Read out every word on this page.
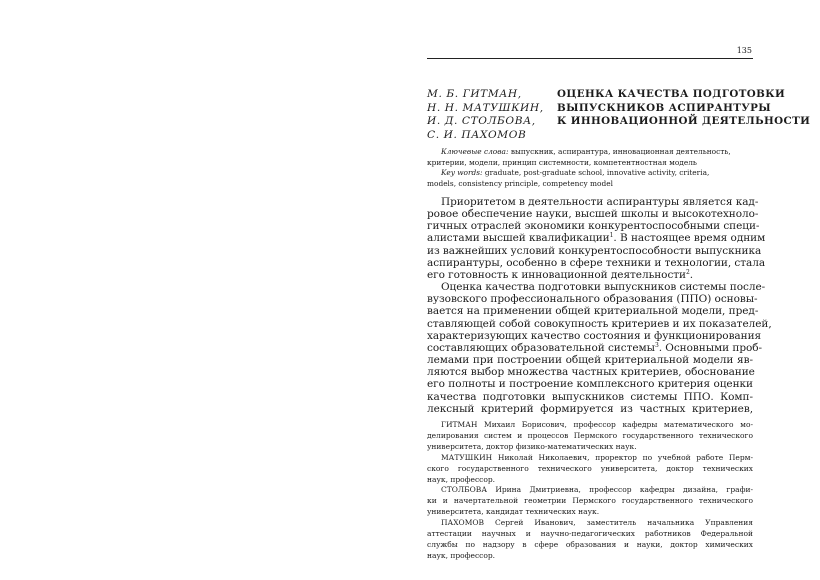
135
М. Б. ГИТМАН,
Н. Н. МАТУШКИН,
И. Д. СТОЛБОВА,
С. И. ПАХОМОВ
ОЦЕНКА КАЧЕСТВА ПОДГОТОВКИ
ВЫПУСКНИКОВ АСПИРАНТУРЫ
К ИННОВАЦИОННОЙ ДЕЯТЕЛЬНОСТИ
Ключевые слова: выпускник, аспирантура, инновационная деятельность,
критерии, модели, принцип системности, компетентностная модель
Key words: graduate, post-graduate school, innovative activity, criteria,
models, consistency principle, competency model
Приоритетом в деятельности аспирантуры является кад-
ровое обеспечение науки, высшей школы и высокотехноло-
гичных отраслей экономики конкурентоспособными специ-
алистами высшей квалификации$^1$. В настоящее время одним
из важнейших условий конкурентоспособности выпускника
аспирантуры, особенно в сфере техники и технологии, стала
его готовность к инновационной деятельности$^2$.
Оценка качества подготовки выпускников системы после-
вузовского профессионального образования (ППО) основы-
вается на применении общей критериальной модели, пред-
ставляющей собой совокупность критериев и их показателей,
характеризующих качество состояния и функционирования
составляющих образовательной системы$^3$. Основными проб-
лемами при построении общей критериальной модели яв-
ляются выбор множества частных критериев, обоснование
его полноты и построение комплексного критерия оценки
качества подготовки выпускников системы ППО. Комп-
лексный критерий формируется из частных критериев,
ГИТМАН Михаил Борисович, профессор кафедры математического мо-
делирования систем и процессов Пермского государственного технического
университета, доктор физико-математических наук.
МАТУШКИН Николай Николаевич, проректор по учебной работе Перм-
ского государственного технического университета, доктор технических
наук, профессор.
СТОЛБОВА Ирина Дмитриевна, профессор кафедры дизайна, графи-
ки и начертательной геометрии Пермского государственного технического
университета, кандидат технических наук.
ПАХОМОВ Сергей Иванович, заместитель начальника Управления
аттестации научных и научно-педагогических работников Федеральной
службы по надзору в сфере образования и науки, доктор химических
наук, профессор.
